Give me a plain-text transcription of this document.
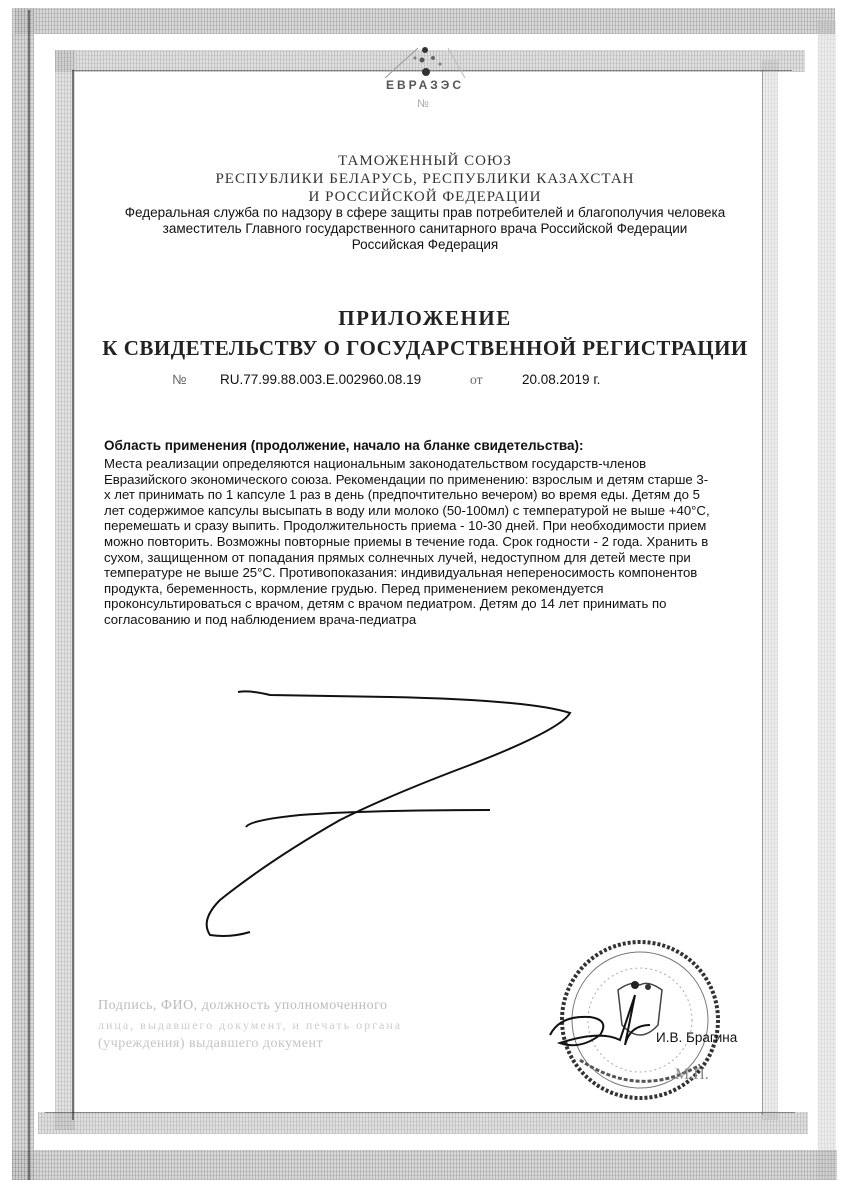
ЕВРАЗЭС
№
ТАМОЖЕННЫЙ СОЮЗ
РЕСПУБЛИКИ БЕЛАРУСЬ, РЕСПУБЛИКИ КАЗАХСТАН
И РОССИЙСКОЙ ФЕДЕРАЦИИ
Федеральная служба по надзору в сфере защиты прав потребителей и благополучия человека
заместитель Главного государственного санитарного врача Российской Федерации
Российская Федерация
ПРИЛОЖЕНИЕ
К СВИДЕТЕЛЬСТВУ О ГОСУДАРСТВЕННОЙ РЕГИСТРАЦИИ
№ RU.77.99.88.003.Е.002960.08.19	от	20.08.2019 г.
Область применения (продолжение, начало на бланке свидетельства):
Места реализации определяются национальным законодательством государств-членов
Евразийского экономического союза. Рекомендации по применению: взрослым и детям старше 3-
х лет принимать по 1 капсуле 1 раз в день (предпочтительно вечером) во время еды. Детям до 5
лет содержимое капсулы высыпать в воду или молоко (50-100мл) с температурой не выше +40°С,
перемешать и сразу выпить. Продолжительность приема - 10-30 дней. При необходимости прием
можно повторить. Возможны повторные приемы в течение года. Срок годности - 2 года. Хранить в
сухом, защищенном от попадания прямых солнечных лучей, недоступном для детей месте при
температуре не выше 25°С. Противопоказания: индивидуальная непереносимость компонентов
продукта, беременность, кормление грудью. Перед применением рекомендуется
проконсультироваться с врачом, детям с врачом педиатром. Детям до 14 лет принимать по
согласованию и под наблюдением врача-педиатра
Подпись, ФИО, должность уполномоченного
лица, выдавшего документ, и печать органа
(учреждения) выдавшего документ	И.В. Брагина
М.П.
